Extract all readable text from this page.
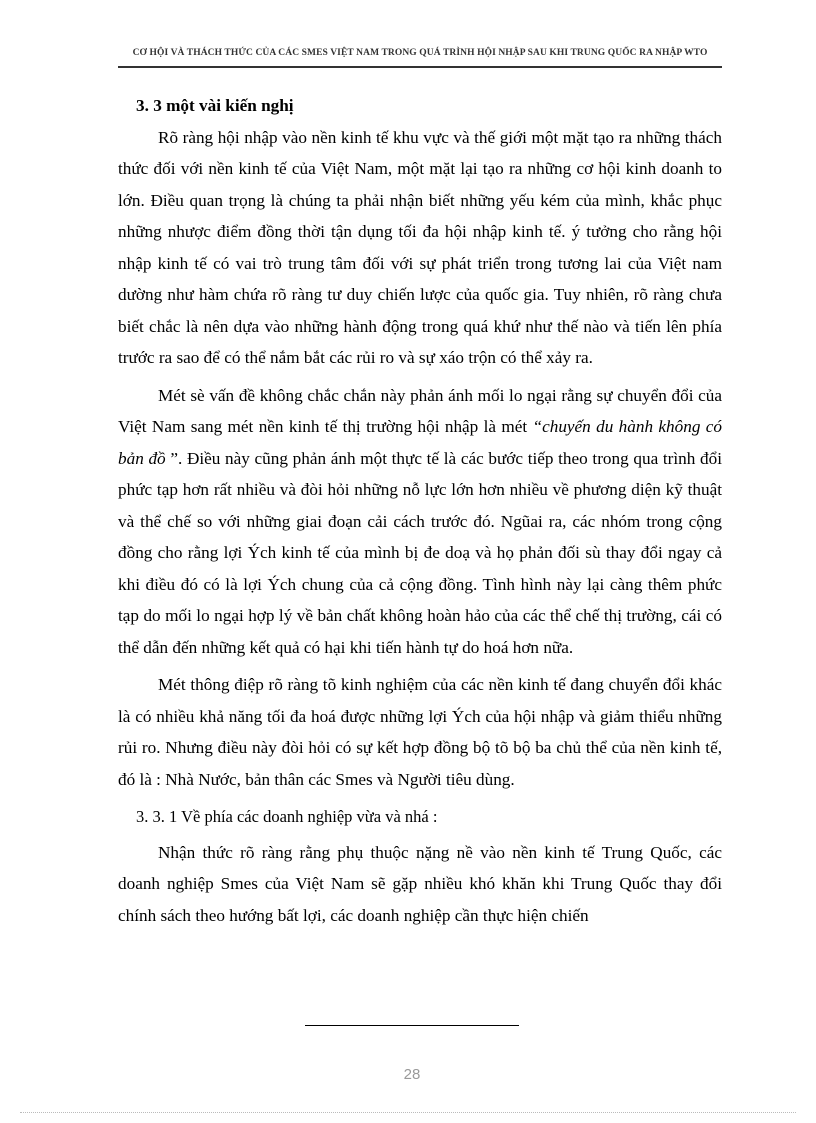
CƠ HỘI VÀ THÁCH THỨC CỦA CÁC SMES VIỆT NAM TRONG QUÁ TRÌNH HỘI NHẬP SAU KHI TRUNG QUỐC RA NHẬP WTO

3. 3 một vài kiến nghị

Rõ ràng hội nhập vào nền kinh tế khu vực và thế giới một mặt tạo ra những thách thức đối với nền kinh tế của Việt Nam, một mặt lại tạo ra những cơ hội kinh doanh to lớn. Điều quan trọng là chúng ta phải nhận biết những yếu kém của mình, khắc phục những nhược điểm đồng thời tận dụng tối đa hội nhập kinh tế. ý tưởng cho rằng hội nhập kinh tế có vai trò trung tâm đối với sự phát triển trong tương lai của Việt nam dường như hàm chứa rõ ràng tư duy chiến lược của quốc gia. Tuy nhiên, rõ ràng chưa biết chắc là nên dựa vào những hành động trong quá khứ như thế nào và tiến lên phía trước ra sao để có thể nắm bắt các rủi ro và sự xáo trộn có thể xảy ra.

Mét sè vấn đề không chắc chắn này phản ánh mối lo ngại rằng sự chuyển đổi của Việt Nam sang mét nền kinh tế thị trường hội nhập là mét “chuyến du hành không có bản đồ ”. Điều này cũng phản ánh một thực tế là các bước tiếp theo trong qua trình đổi phức tạp hơn rất nhiều và đòi hỏi những nỗ lực lớn hơn nhiều về phương diện kỹ thuật và thể chế so với những giai đoạn cải cách trước đó. Ngũai ra, các nhóm trong cộng đồng cho rằng lợi Ých kinh tế của mình bị đe doạ và họ phản đối sù thay đổi ngay cả khi điều đó có là lợi Ých chung của cả cộng đồng. Tình hình này lại càng thêm phức tạp do mối lo ngại hợp lý về bản chất không hoàn hảo của các thể chế thị trường, cái có thể dẫn đến những kết quả có hại khi tiến hành tự do hoá hơn nữa.

Mét thông điệp rõ ràng tõ kinh nghiệm của các nền kinh tế đang chuyển đổi khác là có nhiều khả năng tối đa hoá được những lợi Ých của hội nhập và giảm thiểu những rủi ro. Nhưng điều này đòi hỏi có sự kết hợp đồng bộ tõ bộ ba chủ thể của nền kinh tế, đó là : Nhà Nước, bản thân các Smes và Người tiêu dùng.

3. 3. 1 Về phía các doanh nghiệp vừa và nhá :

Nhận thức rõ ràng rằng phụ thuộc nặng nề vào nền kinh tế Trung Quốc, các doanh nghiệp Smes của Việt Nam sẽ gặp nhiều khó khăn khi Trung Quốc thay đổi chính sách theo hướng bất lợi, các doanh nghiệp cần thực hiện chiến

28
